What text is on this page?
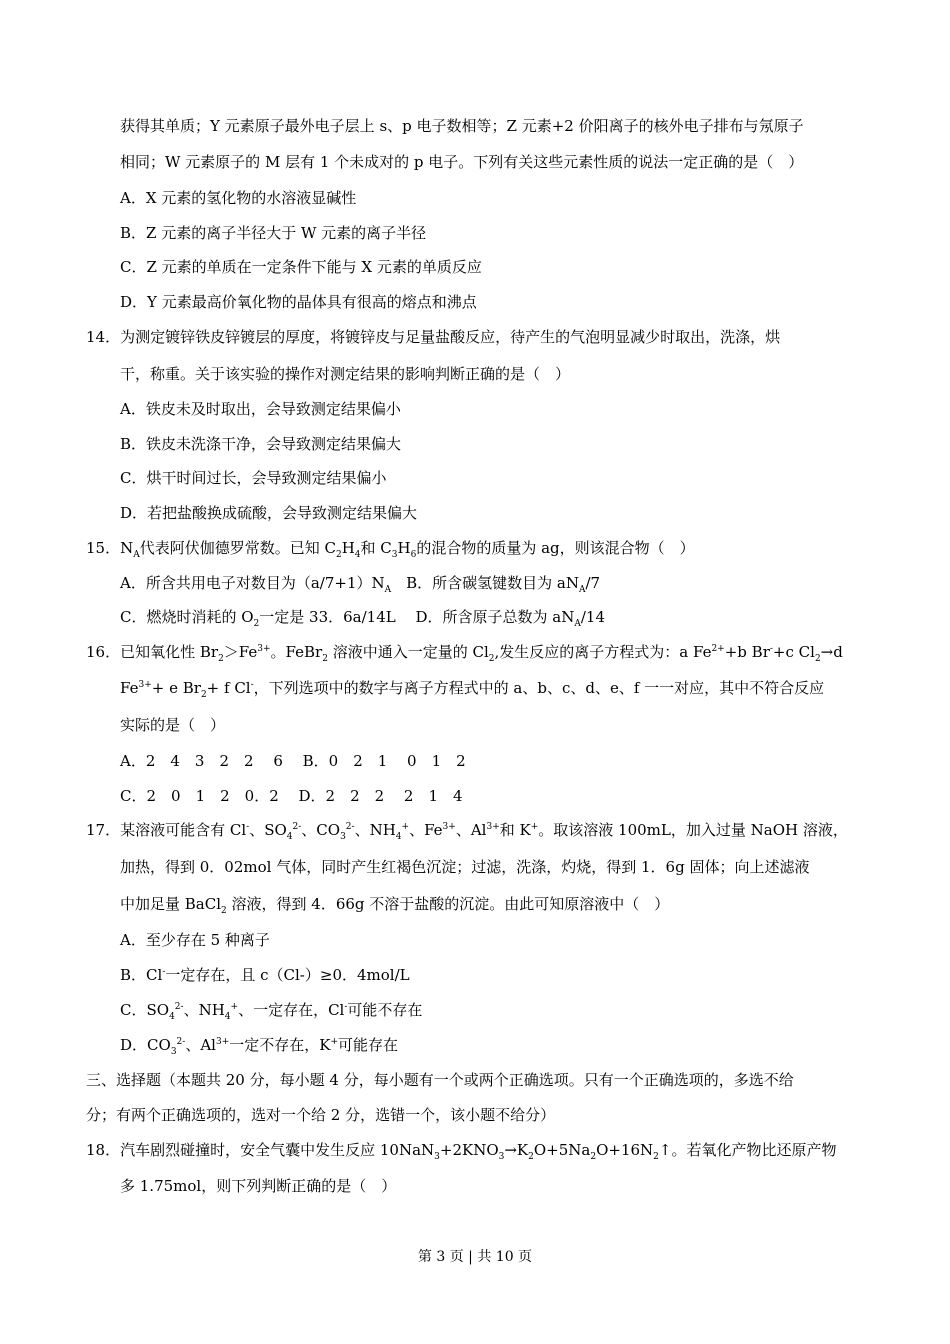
获得其单质；Y 元素原子最外电子层上 s、p 电子数相等；Z 元素+2 价阳离子的核外电子排布与氖原子
相同；W 元素原子的 M 层有 1 个未成对的 p 电子。下列有关这些元素性质的说法一定正确的是（　）
A．X 元素的氢化物的水溶液显碱性
B．Z 元素的离子半径大于 W 元素的离子半径
C．Z 元素的单质在一定条件下能与 X 元素的单质反应
D．Y 元素最高价氧化物的晶体具有很高的熔点和沸点
14．为测定镀锌铁皮锌镀层的厚度，将镀锌皮与足量盐酸反应，待产生的气泡明显减少时取出，洗涤，烘
干，称重。关于该实验的操作对测定结果的影响判断正确的是（　）
A．铁皮未及时取出，会导致测定结果偏小
B．铁皮未洗涤干净，会导致测定结果偏大
C．烘干时间过长，会导致测定结果偏小
D．若把盐酸换成硫酸，会导致测定结果偏大
15．$N_A$代表阿伏伽德罗常数。已知 $C_2H_4$和 $C_3H_6$的混合物的质量为 ag，则该混合物（　）
A．所含共用电子对数目为$(a/7+1)N_A$　B．所含碳氢键数目为 $aN_A/7$
C．燃烧时消耗的 $O_2$一定是 33．6a/14L　 D．所含原子总数为 $aN_A/14$
16．已知氧化性 $Br_2>Fe^{3+}$。FeBr$_2$ 溶液中通入一定量的 $Cl_2$,发生反应的离子方程式为：a $Fe^{2+}+b$ Br-+c $Cl_2\to d$
$Fe^{3+}+ e$ $Br_2+ f$ Cl-，下列选项中的数字与离子方程式中的 a、b、c、d、e、f 一一对应，其中不符合反应
实际的是（　）
A．2　4　3　2　2　 6　 B．0　2　1　 0　1　2
C．2　0　1　2　0．2　 D．2　2　2　 2　1　4
17．某溶液可能含有 Cl-、$SO_4^{2-}$、$CO_3^{2-}$、$NH_4^+$、$Fe^{3+}$、$Al^{3+}$和 K+。取该溶液 100mL，加入过量 NaOH 溶液，
加热，得到 0．02mol 气体，同时产生红褐色沉淀；过滤，洗涤，灼烧，得到 1．6g 固体；向上述滤液
中加足量 BaCl$_2$ 溶液，得到 4．66g 不溶于盐酸的沉淀。由此可知原溶液中（　）
A．至少存在 5 种离子
B．Cl-一定存在，且 c（Cl-）≥0．4mol/L
C．$SO_4^{2-}$、$NH_4^+$、一定存在，Cl-可能不存在
D．$CO_3^{2-}$、$Al^{3+}$一定不存在，K+可能存在
三、选择题（本题共 20 分，每小题 4 分，每小题有一个或两个正确选项。只有一个正确选项的，多选不给
分；有两个正确选项的，选对一个给 2 分，选错一个，该小题不给分）
18．汽车剧烈碰撞时，安全气囊中发生反应 $10NaN_3+2KNO_3\to K_2O+5Na_2O+16N_2↑$。若氧化产物比还原产物
多 1.75mol，则下列判断正确的是（　）
第 3 页 | 共 10 页
